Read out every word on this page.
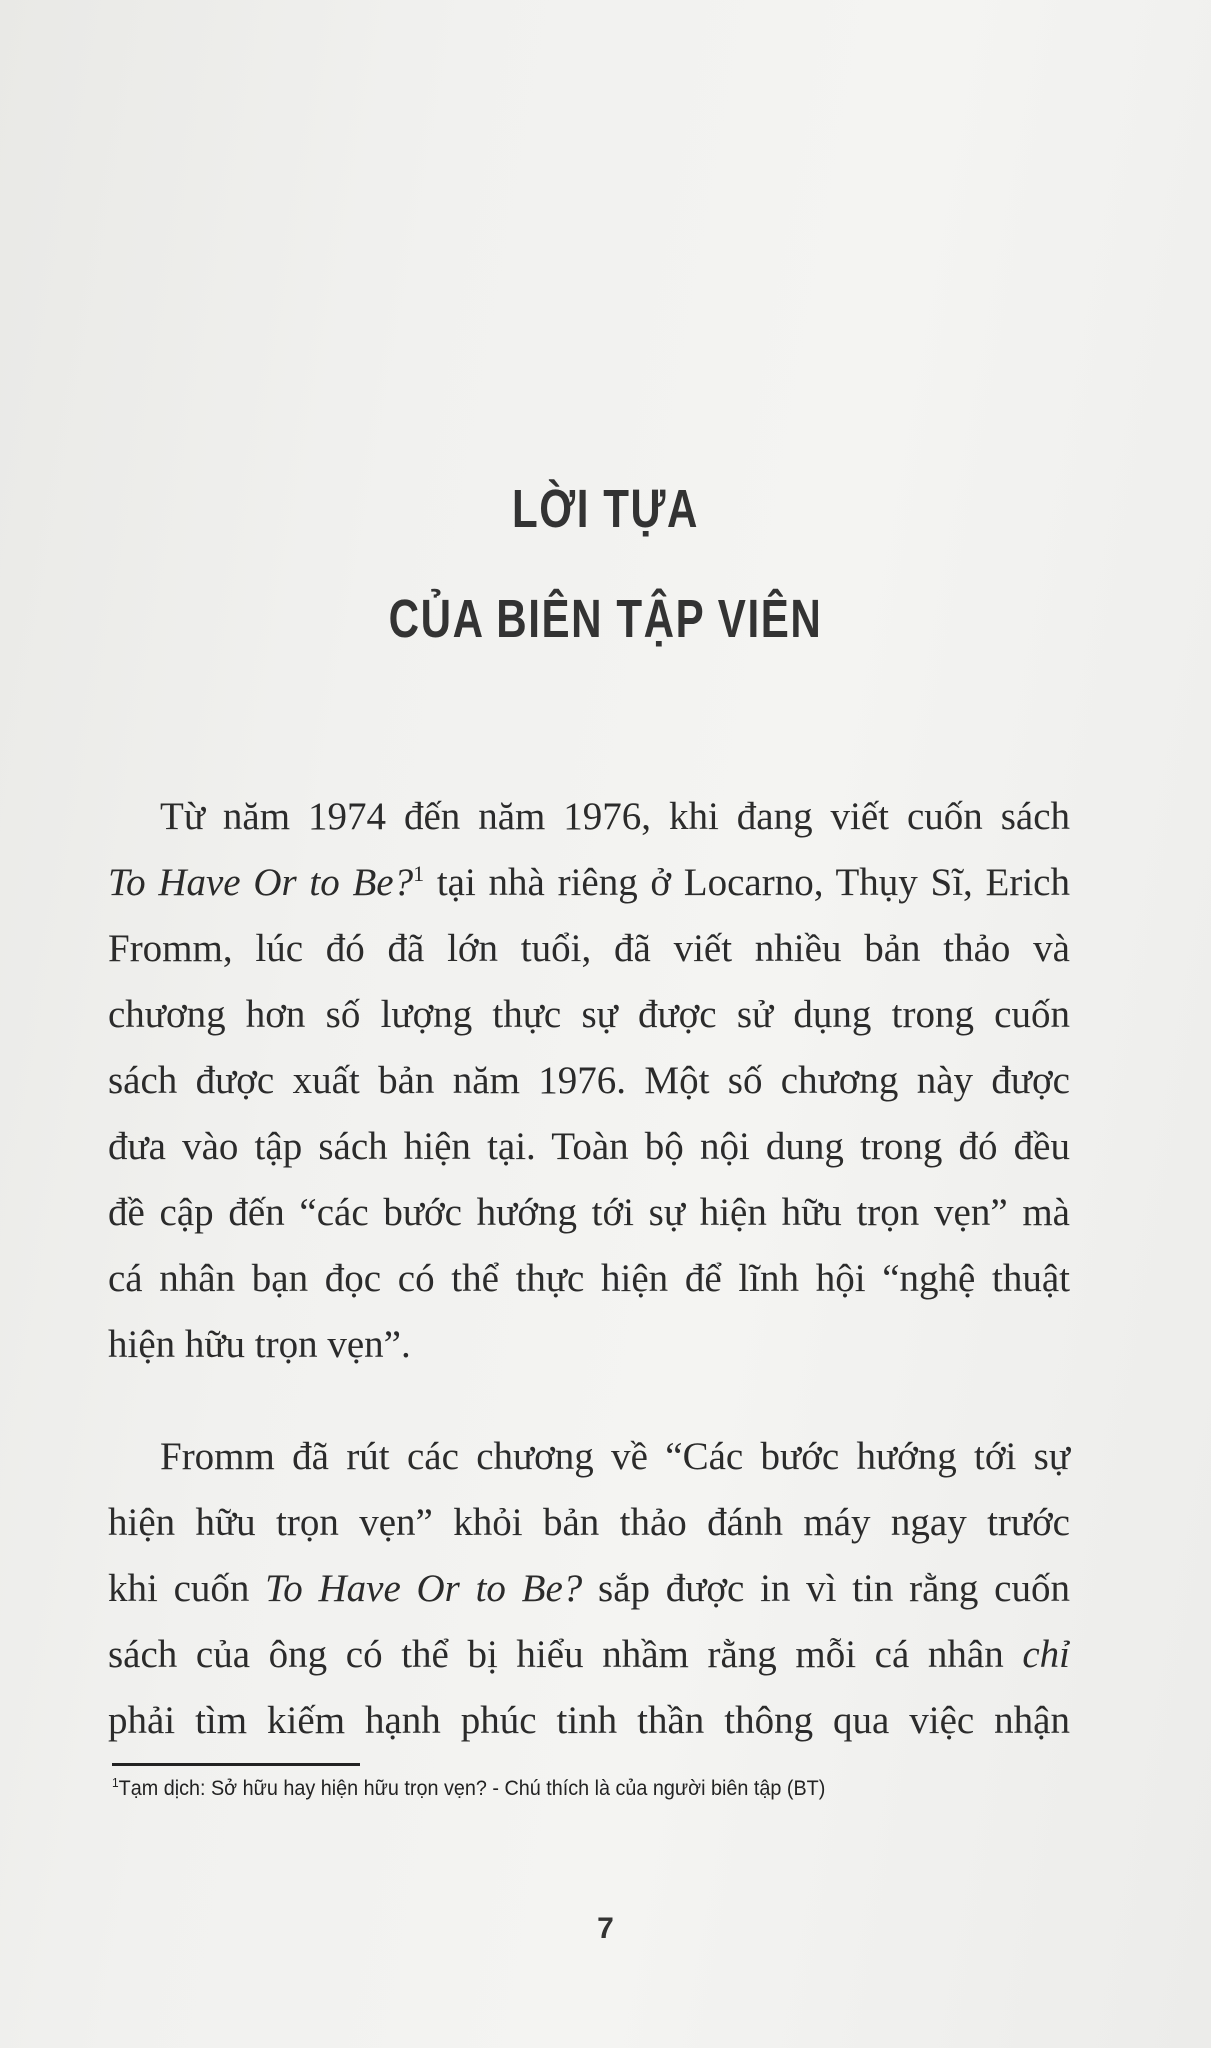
LỜI TỰA
CỦA BIÊN TẬP VIÊN
Từ năm 1974 đến năm 1976, khi đang viết cuốn sách
To Have Or to Be?$^1$ tại nhà riêng ở Locarno, Thụy Sĩ, Erich
Fromm, lúc đó đã lớn tuổi, đã viết nhiều bản thảo và
chương hơn số lượng thực sự được sử dụng trong cuốn
sách được xuất bản năm 1976. Một số chương này được
đưa vào tập sách hiện tại. Toàn bộ nội dung trong đó đều
đề cập đến “các bước hướng tới sự hiện hữu trọn vẹn” mà
cá nhân bạn đọc có thể thực hiện để lĩnh hội “nghệ thuật
hiện hữu trọn vẹn”.
Fromm đã rút các chương về “Các bước hướng tới sự
hiện hữu trọn vẹn” khỏi bản thảo đánh máy ngay trước
khi cuốn To Have Or to Be? sắp được in vì tin rằng cuốn
sách của ông có thể bị hiểu nhầm rằng mỗi cá nhân chỉ
phải tìm kiếm hạnh phúc tinh thần thông qua việc nhận
$^1$Tạm dịch: Sở hữu hay hiện hữu trọn vẹn? - Chú thích là của người biên tập (BT)
7
